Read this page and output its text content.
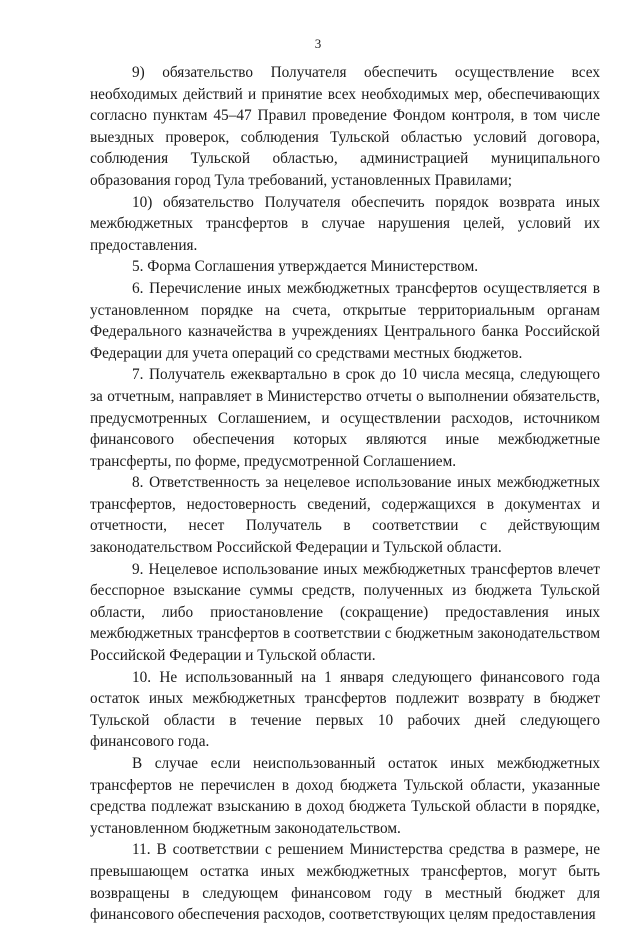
3

9) обязательство Получателя обеспечить осуществление всех необходимых действий и принятие всех необходимых мер, обеспечивающих согласно пунктам 45–47 Правил проведение Фондом контроля, в том числе выездных проверок, соблюдения Тульской областью условий договора, соблюдения Тульской областью, администрацией муниципального образования город Тула требований, установленных Правилами;

10) обязательство Получателя обеспечить порядок возврата иных межбюджетных трансфертов в случае нарушения целей, условий их предоставления.

5. Форма Соглашения утверждается Министерством.

6. Перечисление иных межбюджетных трансфертов осуществляется в установленном порядке на счета, открытые территориальным органам Федерального казначейства в учреждениях Центрального банка Российской Федерации для учета операций со средствами местных бюджетов.

7. Получатель ежеквартально в срок до 10 числа месяца, следующего за отчетным, направляет в Министерство отчеты о выполнении обязательств, предусмотренных Соглашением, и осуществлении расходов, источником финансового обеспечения которых являются иные межбюджетные трансферты, по форме, предусмотренной Соглашением.

8. Ответственность за нецелевое использование иных межбюджетных трансфертов, недостоверность сведений, содержащихся в документах и отчетности, несет Получатель в соответствии с действующим законодательством Российской Федерации и Тульской области.

9. Нецелевое использование иных межбюджетных трансфертов влечет бесспорное взыскание суммы средств, полученных из бюджета Тульской области, либо приостановление (сокращение) предоставления иных межбюджетных трансфертов в соответствии с бюджетным законодательством Российской Федерации и Тульской области.

10. Не использованный на 1 января следующего финансового года остаток иных межбюджетных трансфертов подлежит возврату в бюджет Тульской области в течение первых 10 рабочих дней следующего финансового года.

В случае если неиспользованный остаток иных межбюджетных трансфертов не перечислен в доход бюджета Тульской области, указанные средства подлежат взысканию в доход бюджета Тульской области в порядке, установленном бюджетным законодательством.

11. В соответствии с решением Министерства средства в размере, не превышающем остатка иных межбюджетных трансфертов, могут быть возвращены в следующем финансовом году в местный бюджет для финансового обеспечения расходов, соответствующих целям предоставления
